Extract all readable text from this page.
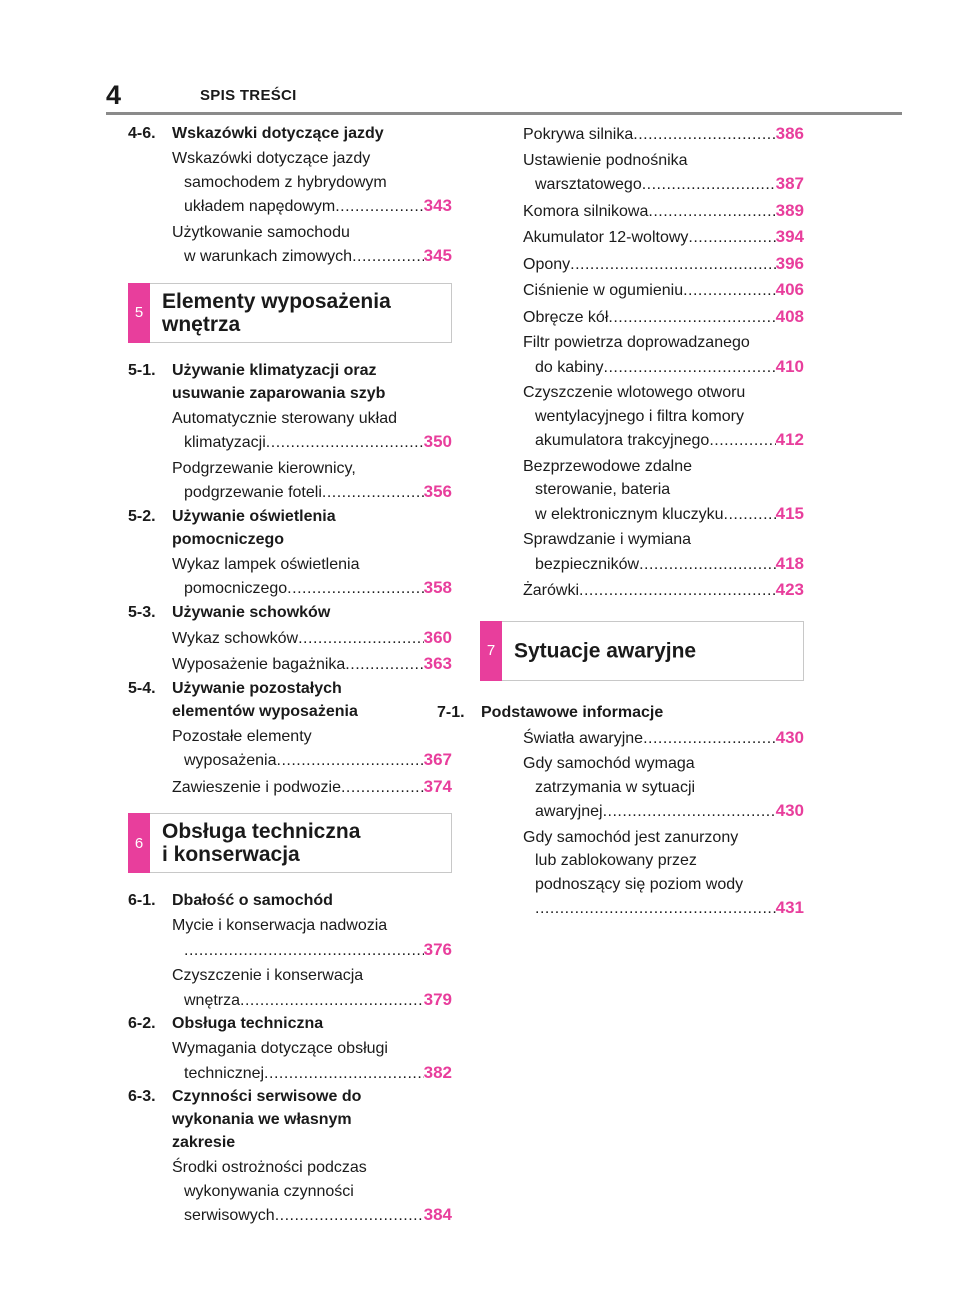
4	SPIS TREŚCI
4-6.	Wskazówki dotyczące jazdy
Wskazówki dotyczące jazdy
samochodem z hybrydowym
układem napędowym .....	343
Użytkowanie samochodu
w warunkach zimowych .....	345
5 Elementy wyposażenia
wnętrza
5-1.	Używanie klimatyzacji oraz
usuwanie zaparowania szyb
Automatycznie sterowany układ
klimatyzacji .....	350
Podgrzewanie kierownicy,
podgrzewanie foteli .....	356
5-2.	Używanie oświetlenia
pomocniczego
Wykaz lampek oświetlenia
pomocniczego .....	358
5-3.	Używanie schowków
Wykaz schowków .....	360
Wyposażenie bagażnika .....	363
5-4.	Używanie pozostałych
elementów wyposażenia
Pozostałe elementy
wyposażenia .....	367
Zawieszenie i podwozie .....	374
6 Obsługa techniczna
i konserwacja
6-1.	Dbałość o samochód
Mycie i konserwacja nadwozia
.....
376
Czyszczenie i konserwacja
wnętrza .....	379
6-2.	Obsługa techniczna
Wymagania dotyczące obsługi
technicznej .....	382
6-3.	Czynności serwisowe do
wykonania we własnym
zakresie
Środki ostrożności podczas
wykonywania czynności
serwisowych .....	384
Pokrywa silnika .....	386
Ustawienie podnośnika
warsztatowego .....	387
Komora silnikowa .....	389
Akumulator 12-woltowy .....	394
Opony .....	396
Ciśnienie w ogumieniu .....	406
Obręcze kół .....	408
Filtr powietrza doprowadzanego
do kabiny .....	410
Czyszczenie wlotowego otworu
wentylacyjnego i filtra komory
akumulatora trakcyjnego .....	412
Bezprzewodowe zdalne
sterowanie, bateria
w elektronicznym kluczyku .....	415
Sprawdzanie i wymiana
bezpieczników .....	418
Żarówki .....	423
7 Sytuacje awaryjne
7-1.	Podstawowe informacje
Światła awaryjne .....	430
Gdy samochód wymaga
zatrzymania w sytuacji
awaryjnej .....	430
Gdy samochód jest zanurzony
lub zablokowany przez
podnoszący się poziom wody
.....
431
